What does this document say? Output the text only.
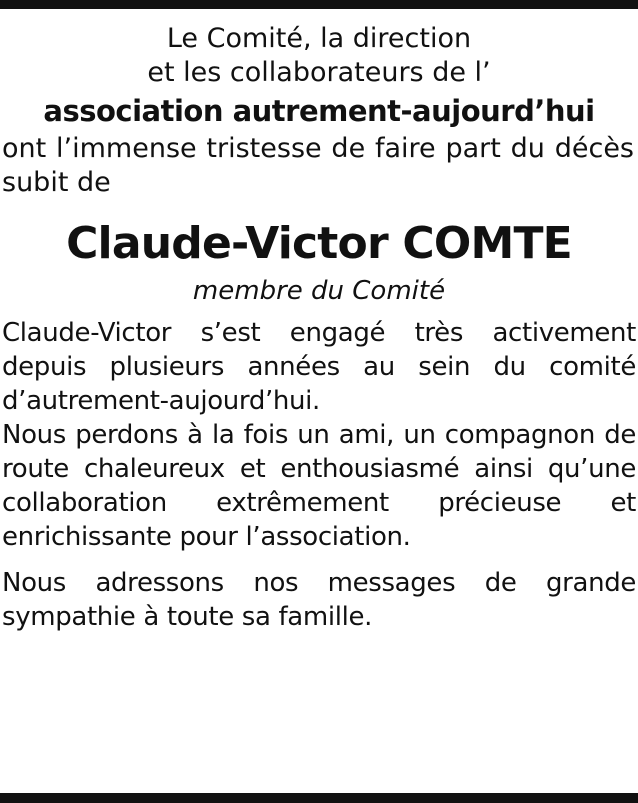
Le Comité, la direction

et les collaborateurs de l’

association autrement-aujourd’hui

ont l’immense tristesse de faire part du décès subit de

Claude-Victor COMTE

membre du Comité

Claude-Victor s’est engagé très activement depuis plusieurs années au sein du comité d’autrement-aujourd’hui.

Nous perdons à la fois un ami, un compagnon de route chaleureux et enthousiasmé ainsi qu’une collaboration extrêmement précieuse et enrichissante pour l’association.

Nous adressons nos messages de grande sympathie à toute sa famille.
